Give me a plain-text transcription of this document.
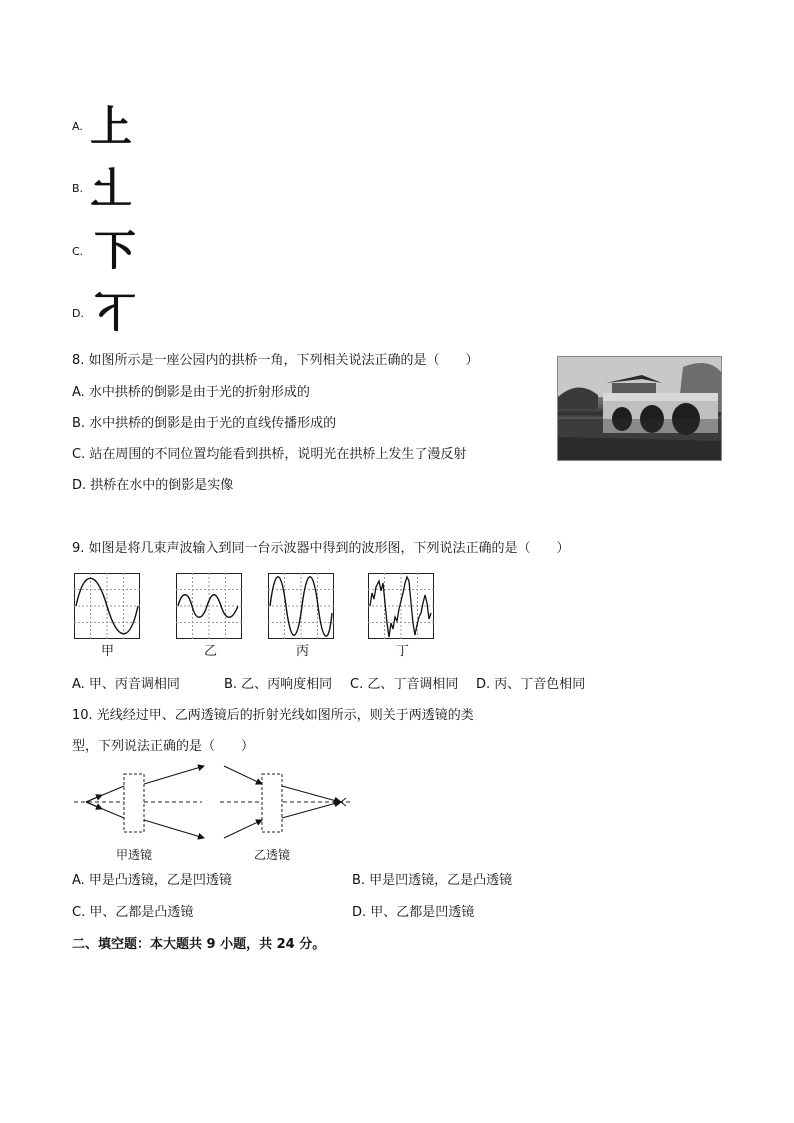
A. 上
B. 上
C. 下
D. 下
8. 如图所示是一座公园内的拱桥一角，下列相关说法正确的是（　　）
A. 水中拱桥的倒影是由于光的折射形成的
B. 水中拱桥的倒影是由于光的直线传播形成的
C. 站在周围的不同位置均能看到拱桥，说明光在拱桥上发生了漫反射
D. 拱桥在水中的倒影是实像
9. 如图是将几束声波输入到同一台示波器中得到的波形图，下列说法正确的是（　　）
甲	乙	丙	丁
A. 甲、丙音调相同	B. 乙、丙响度相同 C. 乙、丁音调相同 D. 丙、丁音色相同
10. 光线经过甲、乙两透镜后的折射光线如图所示，则关于两透镜的类
型，下列说法正确的是（　　）
甲透镜	乙透镜
A. 甲是凸透镜，乙是凹透镜	B. 甲是凹透镜，乙是凸透镜
C. 甲、乙都是凸透镜	D. 甲、乙都是凹透镜
二、填空题：本大题共 9 小题，共 24 分。
